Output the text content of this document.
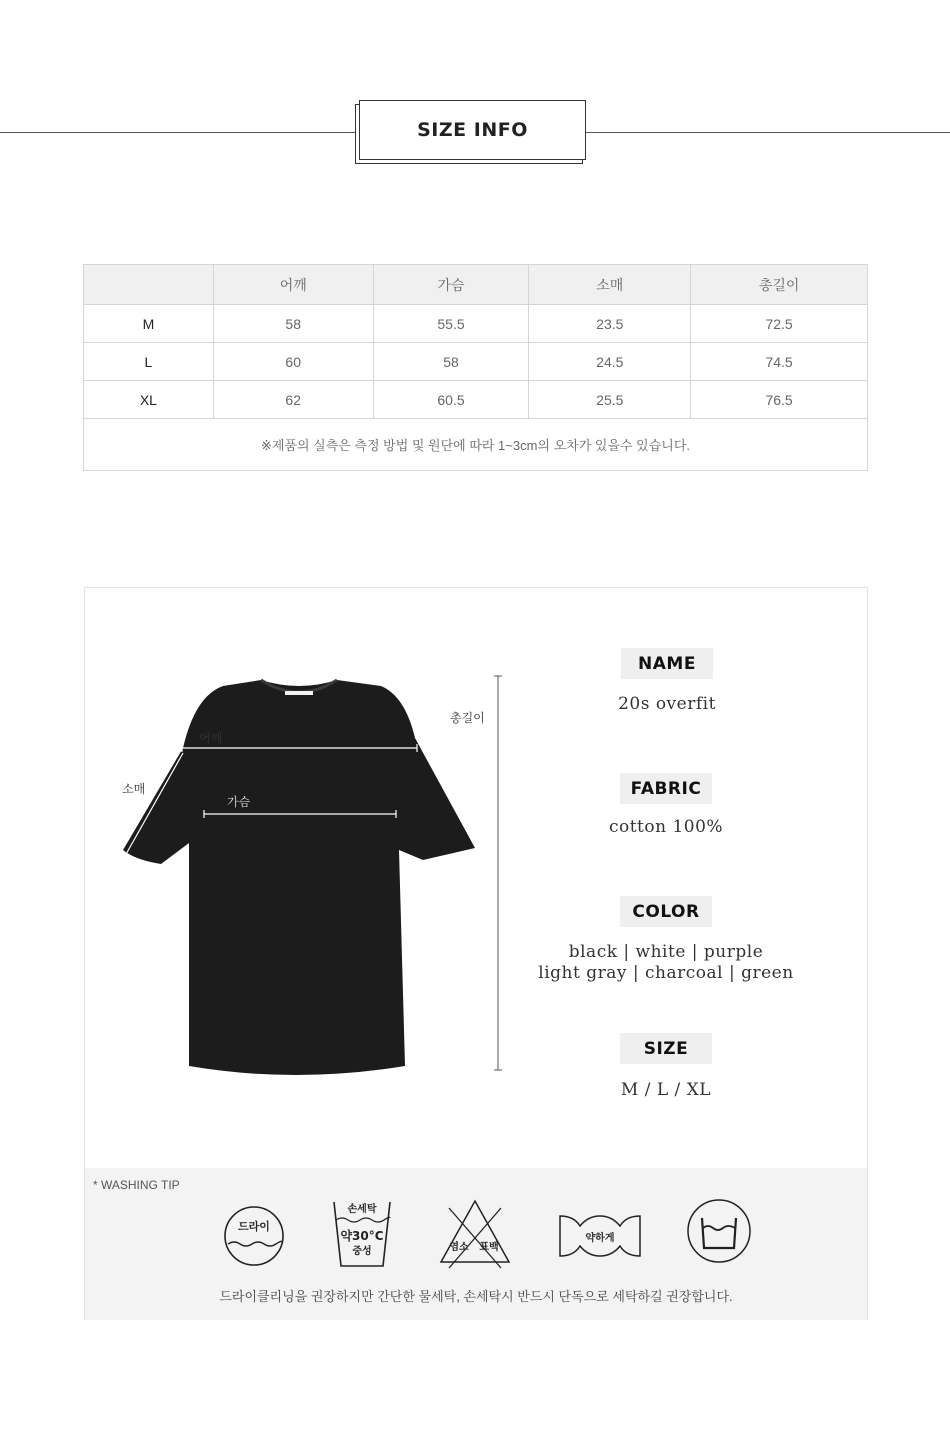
SIZE INFO
	어깨	가슴	소매	총길이
M	58	55.5	23.5	72.5
L	60	58	24.5	74.5
XL	62	60.5	25.5	76.5
※제품의 실측은 측정 방법 및 원단에 따라 1~3cm의 오차가 있을수 있습니다.				
어깨
가슴
소매
총길이
NAME
20s overfit
FABRIC
cotton 100%
COLOR
black | white | purple
light gray | charcoal | green
SIZE
M / L / XL
* WASHING TIP
드라이
손세탁
약30°C
중성	염소 표백
약하게
드라이클리닝을 권장하지만 간단한 물세탁, 손세탁시 반드시 단독으로 세탁하길 권장합니다.
